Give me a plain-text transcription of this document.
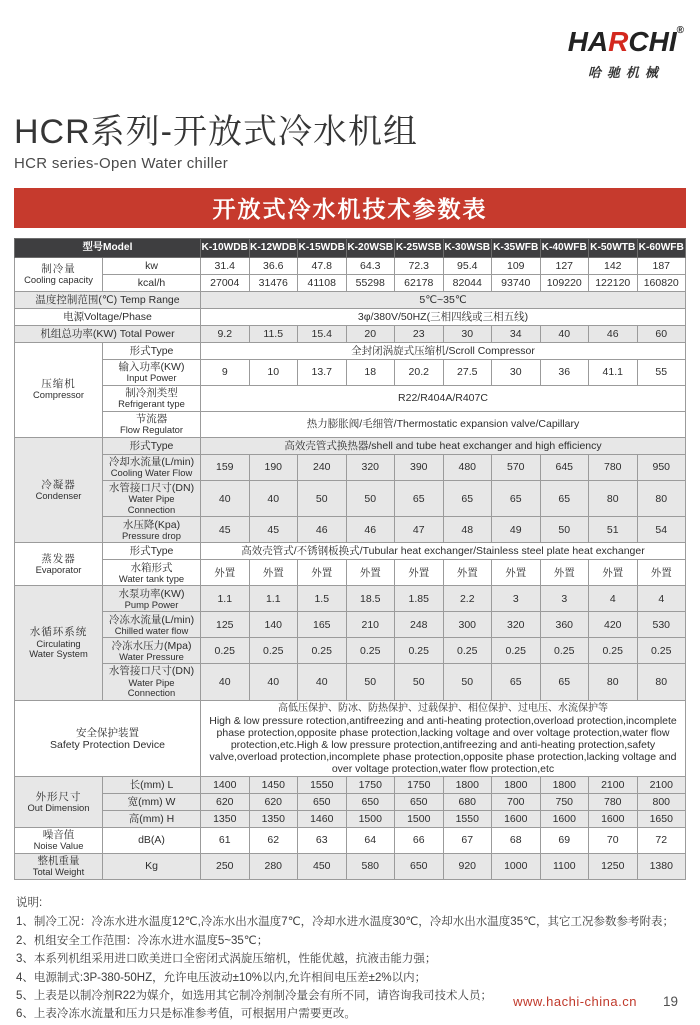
HARCHI®
哈驰机械
HCR系列-开放式冷水机组
HCR series-Open Water chiller
开放式冷水机技术参数表
型号Model		K-10WDB	K-12WDB	K-15WDB	K-20WSB	K-25WSB	K-30WSB	K-35WFB	K-40WFB	K-50WTB	K-60WFB

制冷量
Cooling capacity	kw	31.4	36.6	47.8	64.3	72.3	95.4	109	127	142	187
	kcal/h	27004	31476	41108	55298	62178	82044	93740	109220	122120	160820
温度控制范围(℃) Temp Range		5℃~35℃									
电源Voltage/Phase		3φ/380V/50HZ(三相四线或三相五线)									
机组总功率(KW) Total Power		9.2	11.5	15.4	20	23	30	34	40	46	60

压缩机
Compressor	形式Type	全封闭涡旋式压缩机/Scroll Compressor									

	输入功率(KW)
Input Power	9	10	13.7	18	20.2	27.5	30	36	41.1	55

	制冷剂类型
Refrigerant type	R22/R404A/R407C									

	节流器
Flow Regulator	热力膨胀阀/毛细管/Thermostatic expansion valve/Capillary									

冷凝器
Condenser	形式Type	高效壳管式换热器/shell and tube heat exchanger and high efficiency									

	冷却水流量(L/min)
Cooling Water Flow	159	190	240	320	390	480	570	645	780	950

	水管接口尺寸(DN)
Water Pipe Connection	40	40	50	50	65	65	65	65	80	80

	水压降(Kpa)
Pressure drop	45	45	46	46	47	48	49	50	51	54

蒸发器
Evaporator	形式Type	高效壳管式/不锈钢板换式/Tubular heat exchanger/Stainless steel plate heat exchanger									

	水箱形式
Water tank type	外置	外置	外置	外置	外置	外置	外置	外置	外置	外置

水循环系统
Circulating
Water System	水泵功率(KW)
Pump Power	1.1	1.1	1.5	18.5	1.85	2.2	3	3	4	4

	冷冻水流量(L/min)
Chilled water flow	125	140	165	210	248	300	320	360	420	530

	冷冻水压力(Mpa)
Water Pressure	0.25	0.25	0.25	0.25	0.25	0.25	0.25	0.25	0.25	0.25

	水管接口尺寸(DN)
Water Pipe Connection	40	40	40	50	50	50	65	65	80	80

安全保护装置
Safety Protection Device		高低压保护、防冰、防热保护、过载保护、相位保护、过电压、水流保护等
High & low pressure rotection,antifreezing and anti-heating protection,overload protection,incomplete phase protection,opposite phase protection,lacking voltage and over voltage protection,water flow protection,etc.High & low pressure protection,antifreezing and anti-heating protection,safety valve,overload protection,incomplete phase protection,opposite phase protection,lacking voltage and over voltage protection,water flow protection,etc									

外形尺寸
Out Dimension	长(mm) L	1400	1450	1550	1750	1750	1800	1800	1800	2100	2100
	宽(mm) W	620	620	650	650	650	680	700	750	780	800
	高(mm) H	1350	1350	1460	1500	1500	1550	1600	1600	1600	1650

噪音值
Noise Value	dB(A)	61	62	63	64	66	67	68	69	70	72

整机重量
Total Weight	Kg	250	280	450	580	650	920	1000	1100	1250	1380
说明:
1、制冷工况：冷冻水进水温度12℃,冷冻水出水温度7℃，冷却水进水温度30℃，冷却水出水温度35℃，其它工况参数参考附表；
2、机组安全工作范围：冷冻水进水温度5~35℃；
3、本系列机组采用进口欧美进口全密闭式涡旋压缩机，性能优越，抗液击能力强；
4、电源制式:3P-380-50HZ，允许电压波动±10%以内,允许相间电压差±2%以内；
5、上表是以制冷剂R22为媒介，如选用其它制冷剂制冷量会有所不同，请咨询我司技术人员；
6、上表冷冻水流量和压力只是标准参考值，可根据用户需要更改。
www.hachi-china.cn 19
